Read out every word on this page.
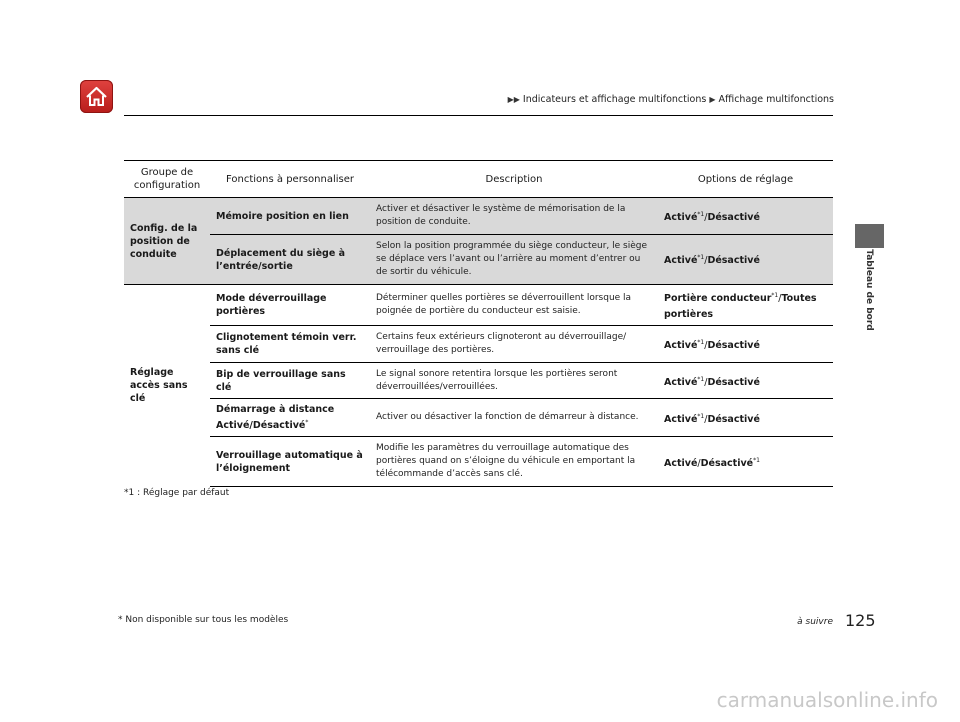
▶▶ Indicateurs et affichage multifonctions ▶ Affichage multifonctions
Tableau de bord
Groupe de configuration	Fonctions à personnaliser	Description	Options de réglage
Config. de la position de conduite	Mémoire position en lien	Activer et désactiver le système de mémorisation de la position de conduite.	Activé$^{*1}$/Désactivé
	Déplacement du siège à l’entrée/sortie	Selon la position programmée du siège conducteur, le siège se déplace vers l’avant ou l’arrière au moment d’entrer ou de sortir du véhicule.	Activé$^{*1}$/Désactivé
Réglage accès sans clé	Mode déverrouillage portières	Déterminer quelles portières se déverrouillent lorsque la poignée de portière du conducteur est saisie.	Portière conducteur$^{*1}$/Toutes portières
	Clignotement témoin verr. sans clé	Certains feux extérieurs clignoteront au déverrouillage/ verrouillage des portières.	Activé$^{*1}$/Désactivé
	Bip de verrouillage sans clé	Le signal sonore retentira lorsque les portières seront déverrouillées/verrouillées.	Activé$^{*1}$/Désactivé
	Démarrage à distance Activé/Désactivé*	Activer ou désactiver la fonction de démarreur à distance.	Activé$^{*1}$/Désactivé
	Verrouillage automatique à l’éloignement	Modifie les paramètres du verrouillage automatique des portières quand on s’éloigne du véhicule en emportant la télécommande d’accès sans clé.	Activé/Désactivé$^{*1}$
*1 : Réglage par défaut
* Non disponible sur tous les modèles	à suivre 125
carmanualsonline.info
